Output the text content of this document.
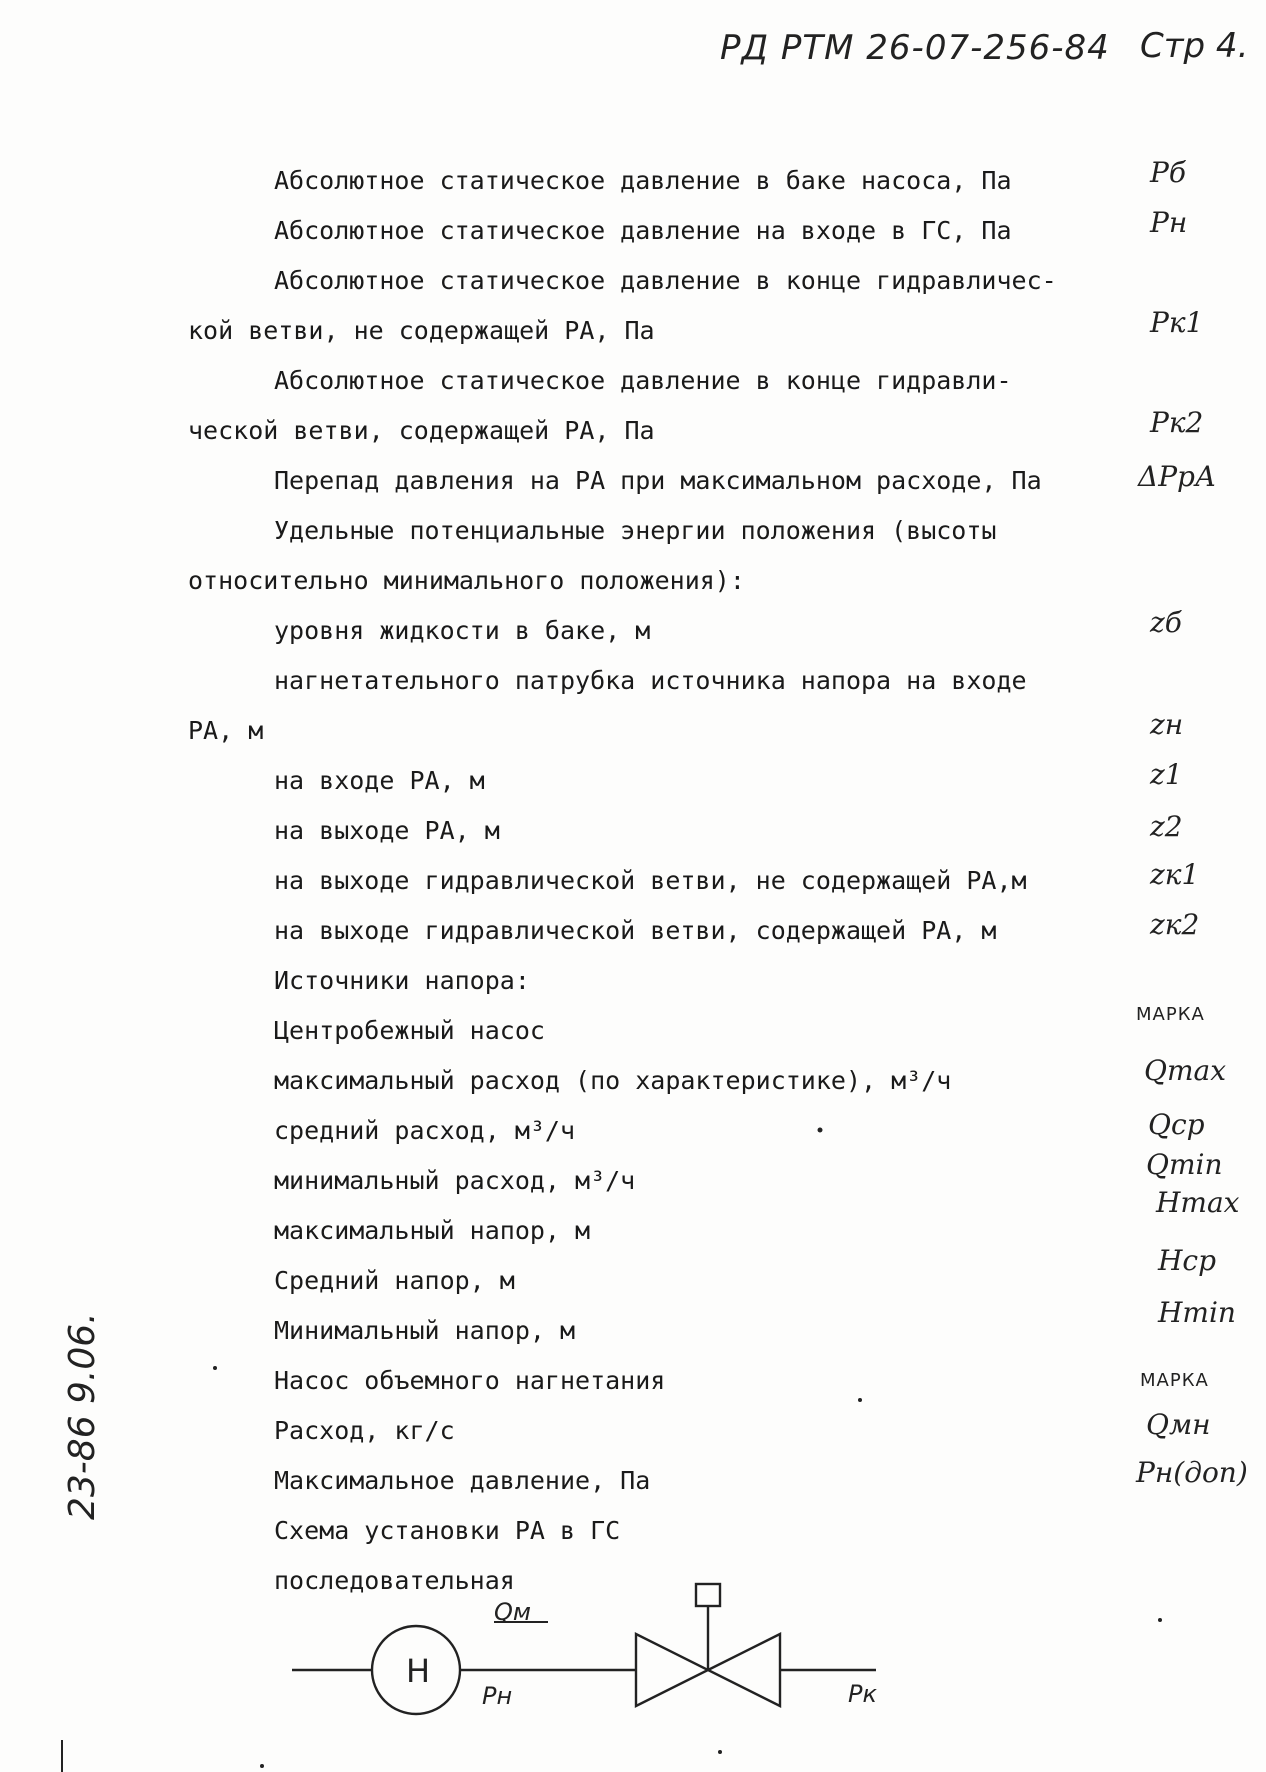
РД РТМ 26-07-256-84 Стр 4.
Абсолютное статическое давление в баке насоса, Па
Абсолютное статическое давление на входе в ГС, Па
Абсолютное статическое давление в конце гидравличес-
кой ветви, не содержащей РА, Па
Абсолютное статическое давление в конце гидравли-
ческой ветви, содержащей РА, Па
Перепад давления на РА при максимальном расходе, Па
Удельные потенциальные энергии положения (высоты
относительно минимального положения):
уровня жидкости в баке, м
нагнетательного патрубка источника напора на входе
РА, м
на входе РА, м
на выходе РА, м
на выходе гидравлической ветви, не содержащей РА,м
на выходе гидравлической ветви, содержащей РА, м
Источники напора:
Центробежный насос
максимальный расход (по характеристике), м³/ч
средний расход, м³/ч
минимальный расход, м³/ч
максимальный напор, м
Средний напор, м
Минимальный напор, м
Насос объемного нагнетания
Расход, кг/с
Максимальное давление, Па
Схема установки РА в ГС
последовательная
Pб
Pн
Pк1
Pк2
ΔPрА
zб
zн
z1
z2
zк1
zк2
МАРКА
Qmax
Qср
Qmin
Hmax
Hср
Hmin
МАРКА
Qмн
Pн(доп)
H
Qм
Pн	Pк
23-86 9.06.
